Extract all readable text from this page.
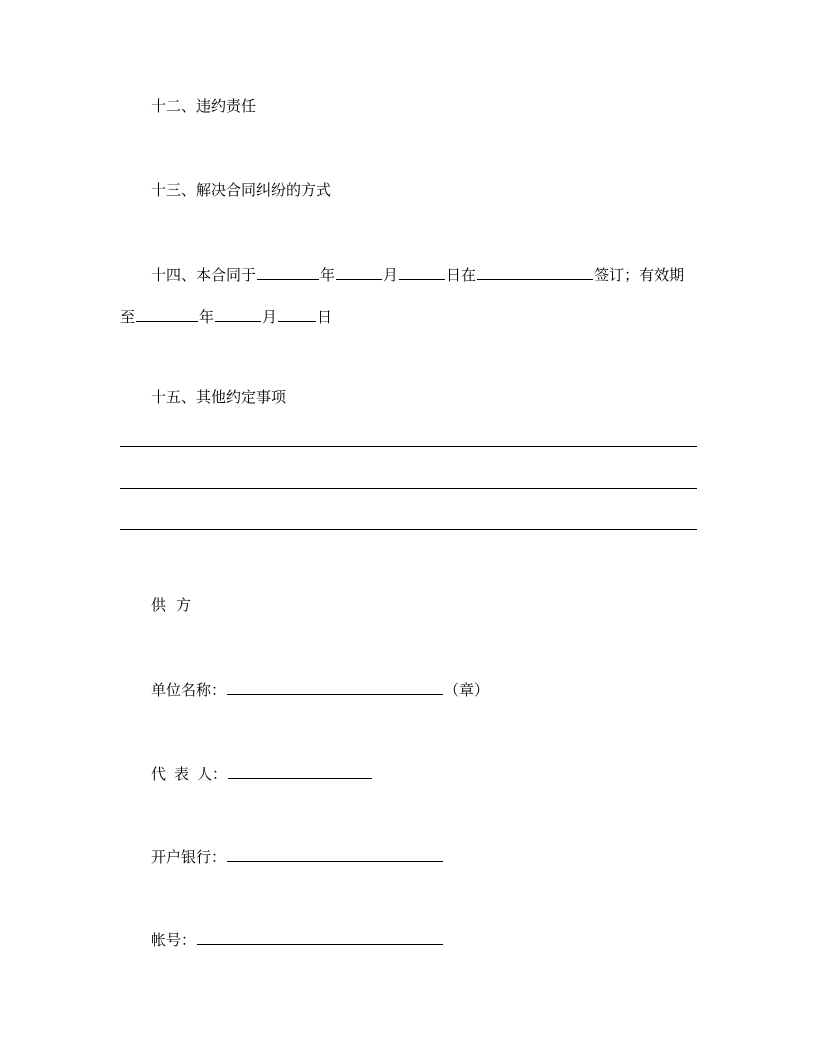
十二、违约责任
十三、解决合同纠纷的方式
十四、本合同于	年	月	日在	签订；有效期
至	年	月	日
十五、其他约定事项
供 方
单位名称：	（章）
代 表 人：
开户银行：
帐号：
